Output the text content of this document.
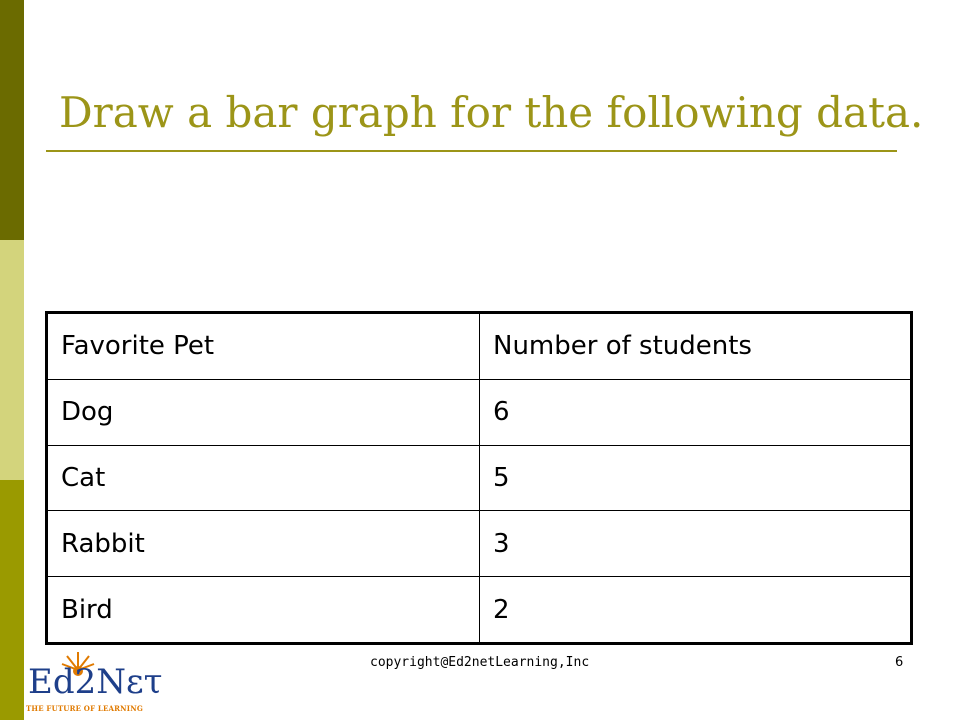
Draw a bar graph for the following data.
Favorite Pet	Number of students
Dog	6
Cat	5
Rabbit	3
Bird	2
Ed2Nετ
THE FUTURE OF LEARNING
copyright@Ed2netLearning,Inc	6
